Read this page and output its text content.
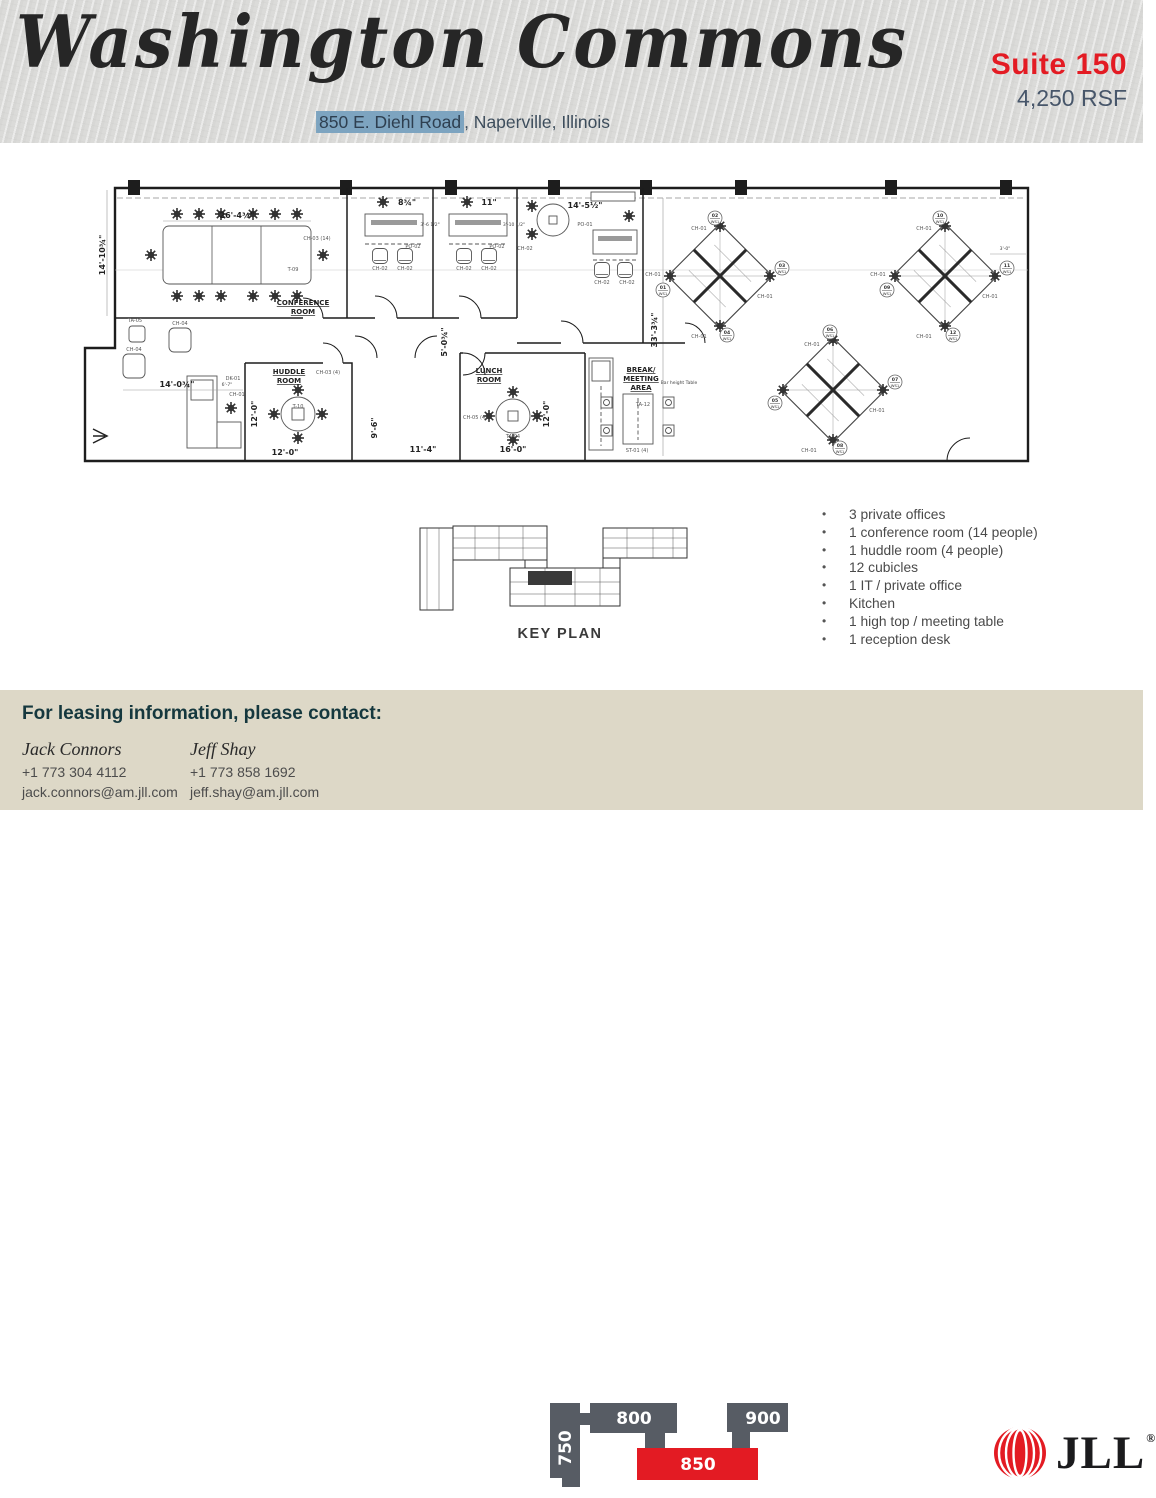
Washington Commons
850 E. Diehl Road , Naperville, Illinois
Suite 150
4,250 RSF
26'-4¾"
14'-10¾"	CH-03 (14)
T-09
CONFERENCE
ROOM
8¾"
3'-6 1/2"
PO-02
CH-02 CH-02
11"
3'-10 1/2"
PO-02
CH-02 CH-02
14'-5½"
PO-01
CH-02
CH-02 CH-02
TA-05	CH-04
CH-04
DK-01
CH-01
14'-0¾"	6'-7"
HUDDLE
ROOM
CH-03 (4)
T-10
12'-0"
12'-0"
5'-0¾"
9'-6"
11'-4"
LUNCH
ROOM
CH-05 (4)
TA-04
16'-0"
12'-0"
BREAK/
MEETING
AREA
Bar height Table
TA-12
ST-01 (4)
33'-3¾"
3'-0"
CH-01
CH-01
CH-01
CH-01
CH-01
CH-01
CH-01
CH-01
CH-01
CH-01
CH-01
01
WS1
02
WS1
03
WS1
04
WS1
05
WS1
06
WS1
07
WS1
08
WS1
09
WS1
10
WS1
11
WS1
12
WS1
KEY PLAN
• 3 private offices
• 1 conference room (14 people)
• 1 huddle room (4 people)
• 12 cubicles
• 1 IT / private office
• Kitchen
• 1 high top / meeting table
• 1 reception desk
For leasing information, please contact:
Jack Connors
+1 773 304 4112
jack.connors@am.jll.com
Jeff Shay
+1 773 858 1692
jeff.shay@am.jll.com
750
800
850
900
JLL®
